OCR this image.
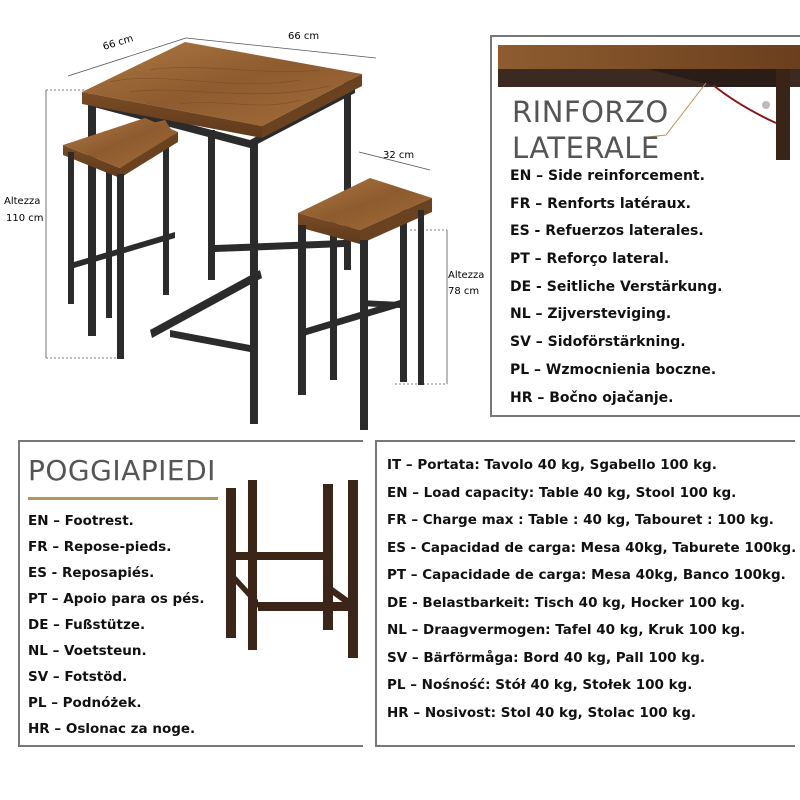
66 cm	66 cm
32 cm
Altezza
110 cm
Altezza
78 cm
RINFORZO
LATERALE
EN – Side reinforcement.
FR – Renforts latéraux.
ES - Refuerzos laterales.
PT – Reforço lateral.
DE - Seitliche Verstärkung.
NL – Zijversteviging.
SV – Sidoförstärkning.
PL – Wzmocnienia boczne.
HR – Bočno ojačanje.
POGGIAPIEDI
EN – Footrest.
FR – Repose-pieds.
ES - Reposapiés.
PT – Apoio para os pés.
DE – Fußstütze.
NL – Voetsteun.
SV – Fotstöd.
PL – Podnóżek.
HR – Oslonac za noge.
IT – Portata: Tavolo 40 kg, Sgabello 100 kg.
EN – Load capacity: Table 40 kg, Stool 100 kg.
FR – Charge max : Table : 40 kg, Tabouret : 100 kg.
ES - Capacidad de carga: Mesa 40kg, Taburete 100kg.
PT – Capacidade de carga: Mesa 40kg, Banco 100kg.
DE - Belastbarkeit: Tisch 40 kg, Hocker 100 kg.
NL – Draagvermogen: Tafel 40 kg, Kruk 100 kg.
SV – Bärförmåga: Bord 40 kg, Pall 100 kg.
PL – Nośność: Stół 40 kg, Stołek 100 kg.
HR – Nosivost: Stol 40 kg, Stolac 100 kg.
